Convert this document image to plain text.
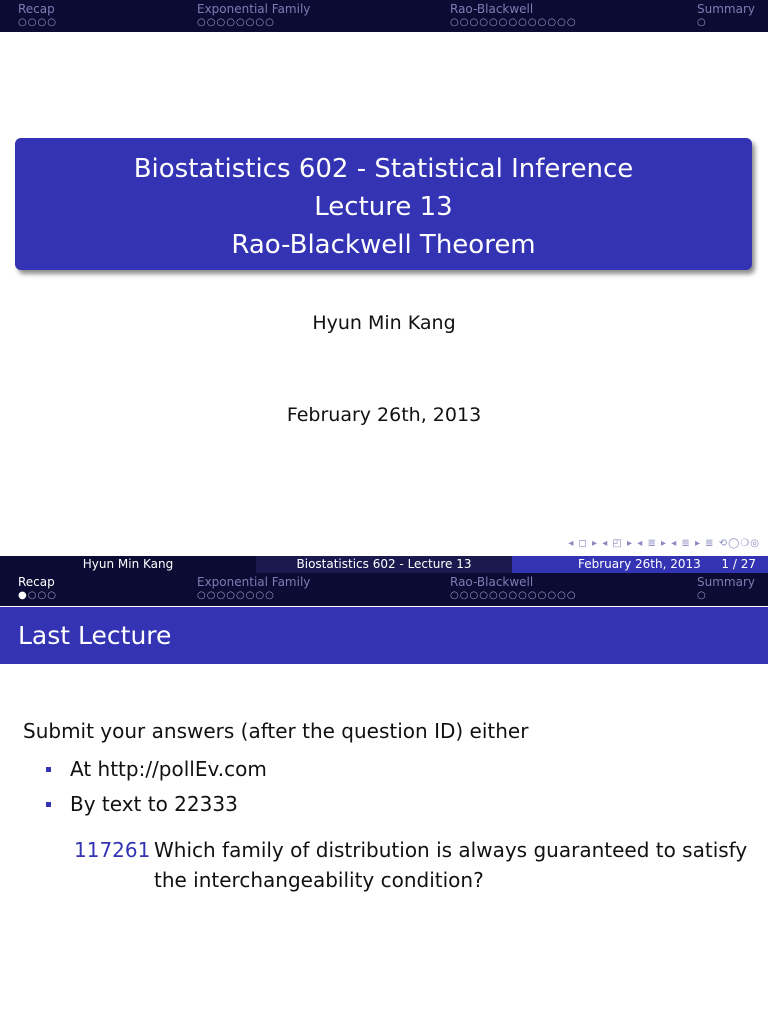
Recap
○○○○
Exponential Family
○○○○○○○○
Rao-Blackwell
○○○○○○○○○○○○○
Summary
○
Biostatistics 602 - Statistical Inference
Lecture 13
Rao-Blackwell Theorem
Hyun Min Kang
February 26th, 2013
◂ ◻ ▸ ◂ ◰ ▸ ◂ ≣ ▸ ◂ ≣ ▸ ≣ ⟲◯❍◎
Hyun Min Kang	Biostatistics 602 - Lecture 13	February 26th, 2013 1 / 27
Recap
●○○○
Exponential Family
○○○○○○○○
Rao-Blackwell
○○○○○○○○○○○○○
Summary
○
Last Lecture
Submit your answers (after the question ID) either
At http://pollEv.com
By text to 22333
117261 Which family of distribution is always guaranteed to satisfy the interchangeability condition?
